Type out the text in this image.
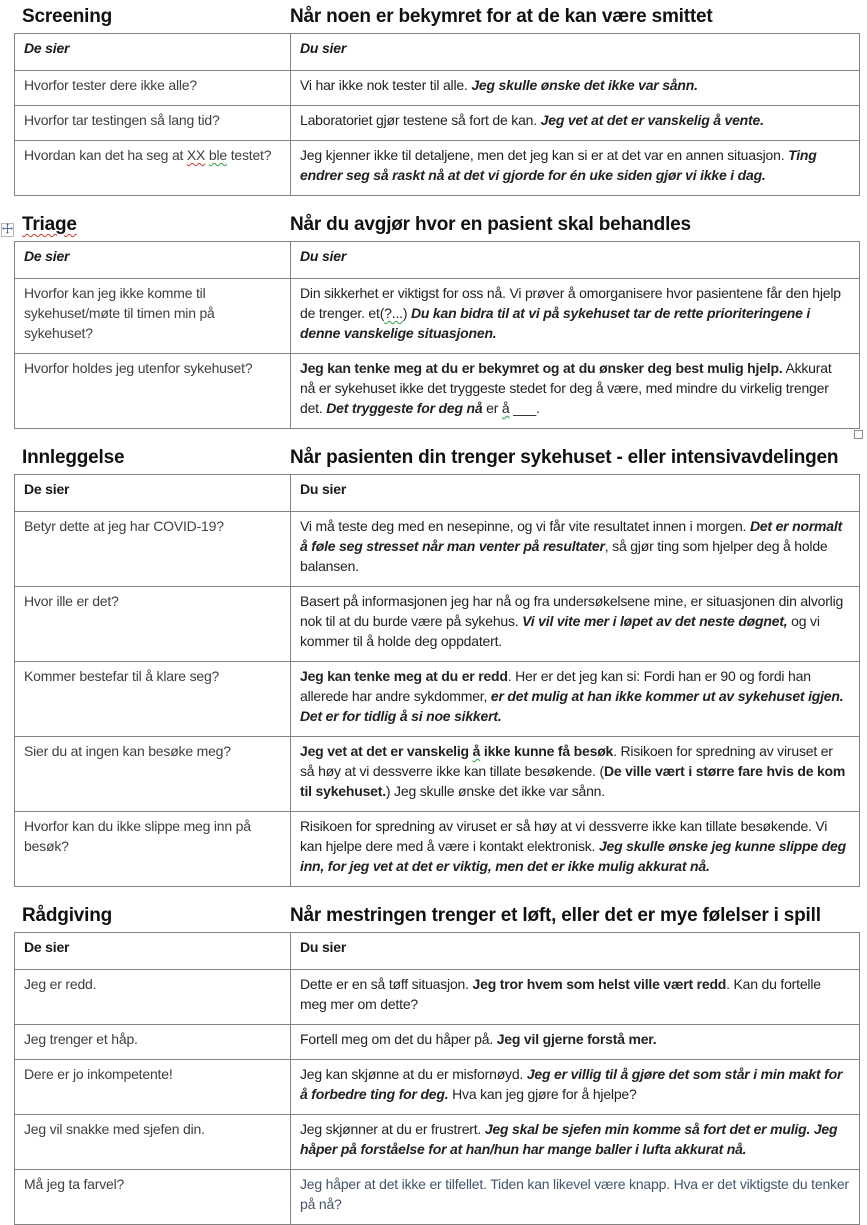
Screening	Når noen er bekymret for at de kan være smittet
De sier	Du sier
Hvorfor tester dere ikke alle?	Vi har ikke nok tester til alle. Jeg skulle ønske det ikke var sånn.
Hvorfor tar testingen så lang tid?	Laboratoriet gjør testene så fort de kan. Jeg vet at det er vanskelig å vente.
Hvordan kan det ha seg at XX ble testet?	Jeg kjenner ikke til detaljene, men det jeg kan si er at det var en annen situasjon. Ting endrer seg så raskt nå at det vi gjorde for én uke siden gjør vi ikke i dag.
Triage	Når du avgjør hvor en pasient skal behandles
De sier	Du sier
Hvorfor kan jeg ikke komme til sykehuset/møte til timen min på sykehuset?	Din sikkerhet er viktigst for oss nå. Vi prøver å omorganisere hvor pasientene får den hjelp de trenger. et(?...) Du kan bidra til at vi på sykehuset tar de rette prioriteringene i denne vanskelige situasjonen.
Hvorfor holdes jeg utenfor sykehuset?	Jeg kan tenke meg at du er bekymret og at du ønsker deg best mulig hjelp. Akkurat nå er sykehuset ikke det tryggeste stedet for deg å være, med mindre du virkelig trenger det. Det tryggeste for deg nå er å ___.
Innleggelse	Når pasienten din trenger sykehuset - eller intensivavdelingen
De sier	Du sier
Betyr dette at jeg har COVID-19?	Vi må teste deg med en nesepinne, og vi får vite resultatet innen i morgen. Det er normalt å føle seg stresset når man venter på resultater, så gjør ting som hjelper deg å holde balansen.
Hvor ille er det?	Basert på informasjonen jeg har nå og fra undersøkelsene mine, er situasjonen din alvorlig nok til at du burde være på sykehus. Vi vil vite mer i løpet av det neste døgnet, og vi kommer til å holde deg oppdatert.
Kommer bestefar til å klare seg?	Jeg kan tenke meg at du er redd. Her er det jeg kan si: Fordi han er 90 og fordi han allerede har andre sykdommer, er det mulig at han ikke kommer ut av sykehuset igjen. Det er for tidlig å si noe sikkert.
Sier du at ingen kan besøke meg?	Jeg vet at det er vanskelig å ikke kunne få besøk. Risikoen for spredning av viruset er så høy at vi dessverre ikke kan tillate besøkende. (De ville vært i større fare hvis de kom til sykehuset.) Jeg skulle ønske det ikke var sånn.
Hvorfor kan du ikke slippe meg inn på besøk?	Risikoen for spredning av viruset er så høy at vi dessverre ikke kan tillate besøkende. Vi kan hjelpe dere med å være i kontakt elektronisk. Jeg skulle ønske jeg kunne slippe deg inn, for jeg vet at det er viktig, men det er ikke mulig akkurat nå.
Rådgiving	Når mestringen trenger et løft, eller det er mye følelser i spill
De sier	Du sier
Jeg er redd.	Dette er en så tøff situasjon. Jeg tror hvem som helst ville vært redd. Kan du fortelle meg mer om dette?
Jeg trenger et håp.	Fortell meg om det du håper på. Jeg vil gjerne forstå mer.
Dere er jo inkompetente!	Jeg kan skjønne at du er misfornøyd. Jeg er villig til å gjøre det som står i min makt for å forbedre ting for deg. Hva kan jeg gjøre for å hjelpe?
Jeg vil snakke med sjefen din.	Jeg skjønner at du er frustrert. Jeg skal be sjefen min komme så fort det er mulig. Jeg håper på forståelse for at han/hun har mange baller i lufta akkurat nå.
Må jeg ta farvel?	Jeg håper at det ikke er tilfellet. Tiden kan likevel være knapp. Hva er det viktigste du tenker på nå?
